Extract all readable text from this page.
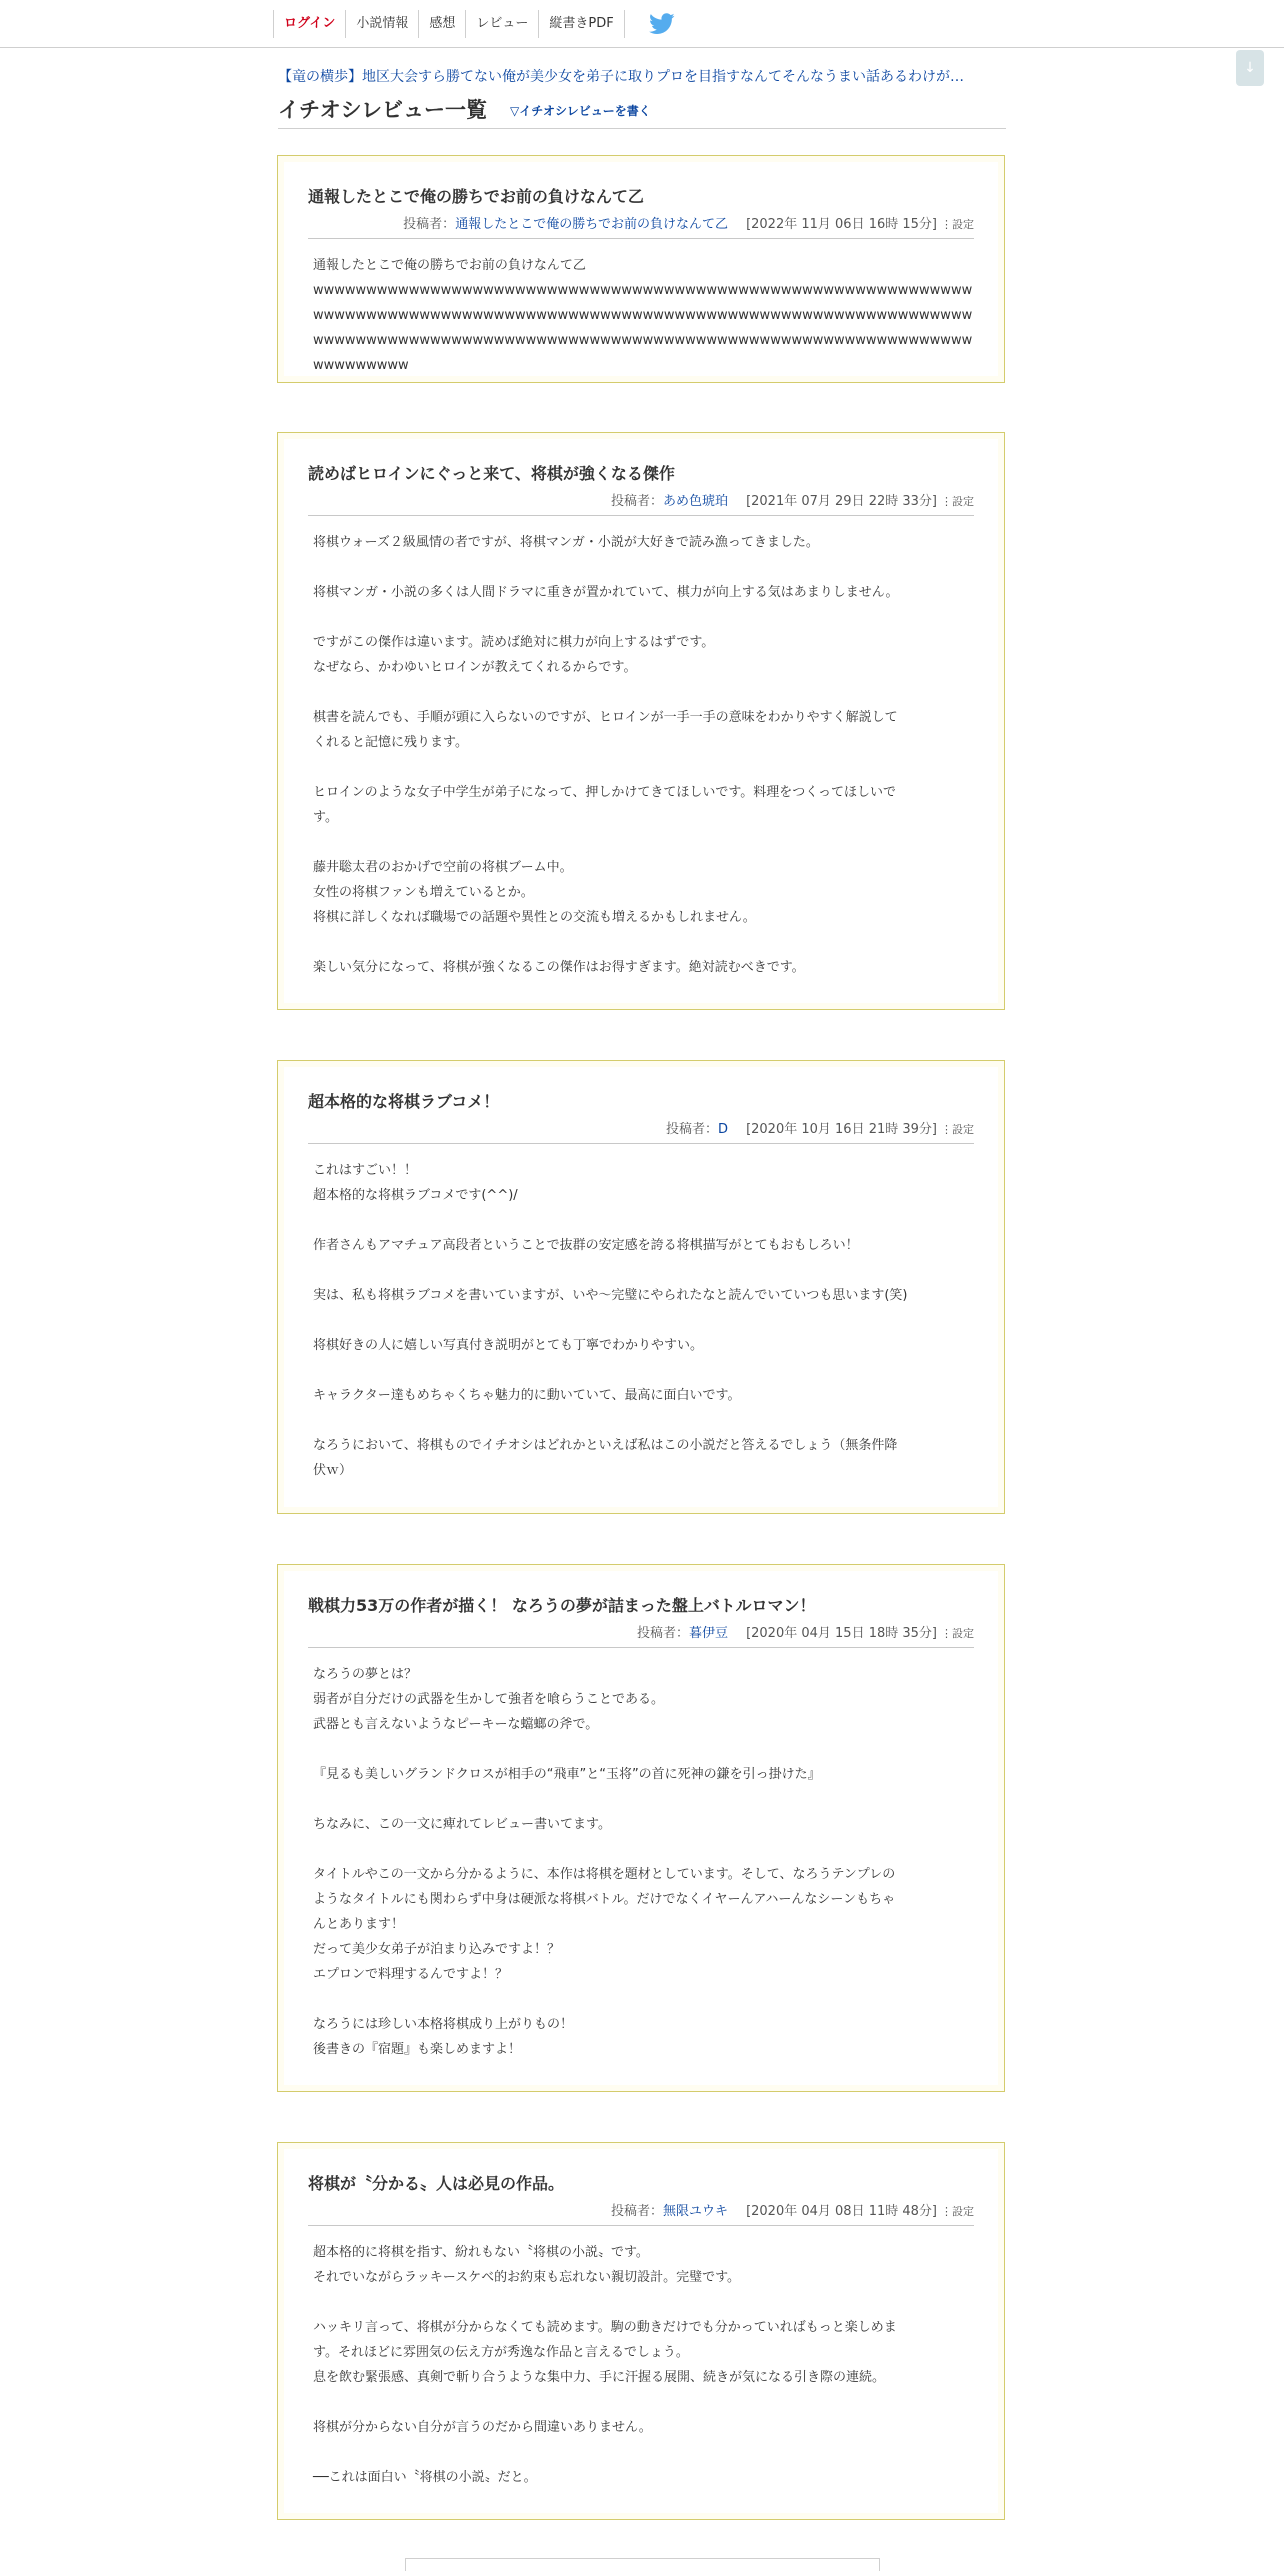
ログイン	小説情報	感想	レビュー	縦書きPDF
↓
【竜の横歩】地区大会すら勝てない俺が美少女を弟子に取りプロを目指すなんてそんなうまい話あるわけが…
イチオシレビュー一覧 ▽イチオシレビューを書く
通報したとこで俺の勝ちでお前の負けなんて乙
投稿者：通報したとこで俺の勝ちでお前の負けなんて乙 [2022年 11月 06日 16時 15分] ⋮設定

通報したとこで俺の勝ちでお前の負けなんて乙

wwwwwwwwwwwwwwwwwwwwwwwwwwwwwwwwwwwwwwwwwwwwwwwwwwwwwwwwwwwwwwwwwwwwwwwwwwwwwwwwwwwwwwwwwwwwwwwwwwwwwwwwwwwwwwwwwwwwwwwwwwwwwwwwwwwwwwwwwwwwwwwwwwwwwwwwwwwwwwwwwwwwwwwwwwwwwwwwwwwwwwwwwwwwwwwwwww

読めばヒロインにぐっと来て、将棋が強くなる傑作
投稿者：あめ色琥珀 [2021年 07月 29日 22時 33分] ⋮設定

将棋ウォーズ２級風情の者ですが、将棋マンガ・小説が大好きで読み漁ってきました。

将棋マンガ・小説の多くは人間ドラマに重きが置かれていて、棋力が向上する気はあまりしません。

ですがこの傑作は違います。読めば絶対に棋力が向上するはずです。

なぜなら、かわゆいヒロインが教えてくれるからです。

棋書を読んでも、手順が頭に入らないのですが、ヒロインが一手一手の意味をわかりやすく解説して

くれると記憶に残ります。

ヒロインのような女子中学生が弟子になって、押しかけてきてほしいです。料理をつくってほしいで

す。

藤井聡太君のおかげで空前の将棋ブーム中。

女性の将棋ファンも増えているとか。

将棋に詳しくなれば職場での話題や異性との交流も増えるかもしれません。

楽しい気分になって、将棋が強くなるこの傑作はお得すぎます。絶対読むべきです。

超本格的な将棋ラブコメ！
投稿者：D [2020年 10月 16日 21時 39分] ⋮設定

これはすごい！！

超本格的な将棋ラブコメです(^^)/

作者さんもアマチュア高段者ということで抜群の安定感を誇る将棋描写がとてもおもしろい！

実は、私も将棋ラブコメを書いていますが、いや～完璧にやられたなと読んでいていつも思います(笑)

将棋好きの人に嬉しい写真付き説明がとても丁寧でわかりやすい。

キャラクター達もめちゃくちゃ魅力的に動いていて、最高に面白いです。

なろうにおいて、将棋ものでイチオシはどれかといえば私はこの小説だと答えるでしょう（無条件降

伏ｗ）

戦棋力53万の作者が描く！ なろうの夢が詰まった盤上バトルロマン！
投稿者：暮伊豆 [2020年 04月 15日 18時 35分] ⋮設定

なろうの夢とは？

弱者が自分だけの武器を生かして強者を喰らうことである。

武器とも言えないようなピーキーな蟷螂の斧で。

『見るも美しいグランドクロスが相手の“飛車”と“玉将”の首に死神の鎌を引っ掛けた』

ちなみに、この一文に痺れてレビュー書いてます。

タイトルやこの一文から分かるように、本作は将棋を題材としています。そして、なろうテンプレの

ようなタイトルにも関わらず中身は硬派な将棋バトル。だけでなくイヤーんアハーんなシーンもちゃ

んとあります！

だって美少女弟子が泊まり込みですよ！？

エプロンで料理するんですよ！？

なろうには珍しい本格将棋成り上がりもの！

後書きの『宿題』も楽しめますよ！

将棋が〝分かる〟人は必見の作品。
投稿者：無限ユウキ [2020年 04月 08日 11時 48分] ⋮設定

超本格的に将棋を指す、紛れもない〝将棋の小説〟です。

それでいながらラッキースケベ的お約束も忘れない親切設計。完璧です。

ハッキリ言って、将棋が分からなくても読めます。駒の動きだけでも分かっていればもっと楽しめま

す。それほどに雰囲気の伝え方が秀逸な作品と言えるでしょう。

息を飲む緊張感、真剣で斬り合うような集中力、手に汗握る展開、続きが気になる引き際の連続。

将棋が分からない自分が言うのだから間違いありません。

──これは面白い〝将棋の小説〟だと。
